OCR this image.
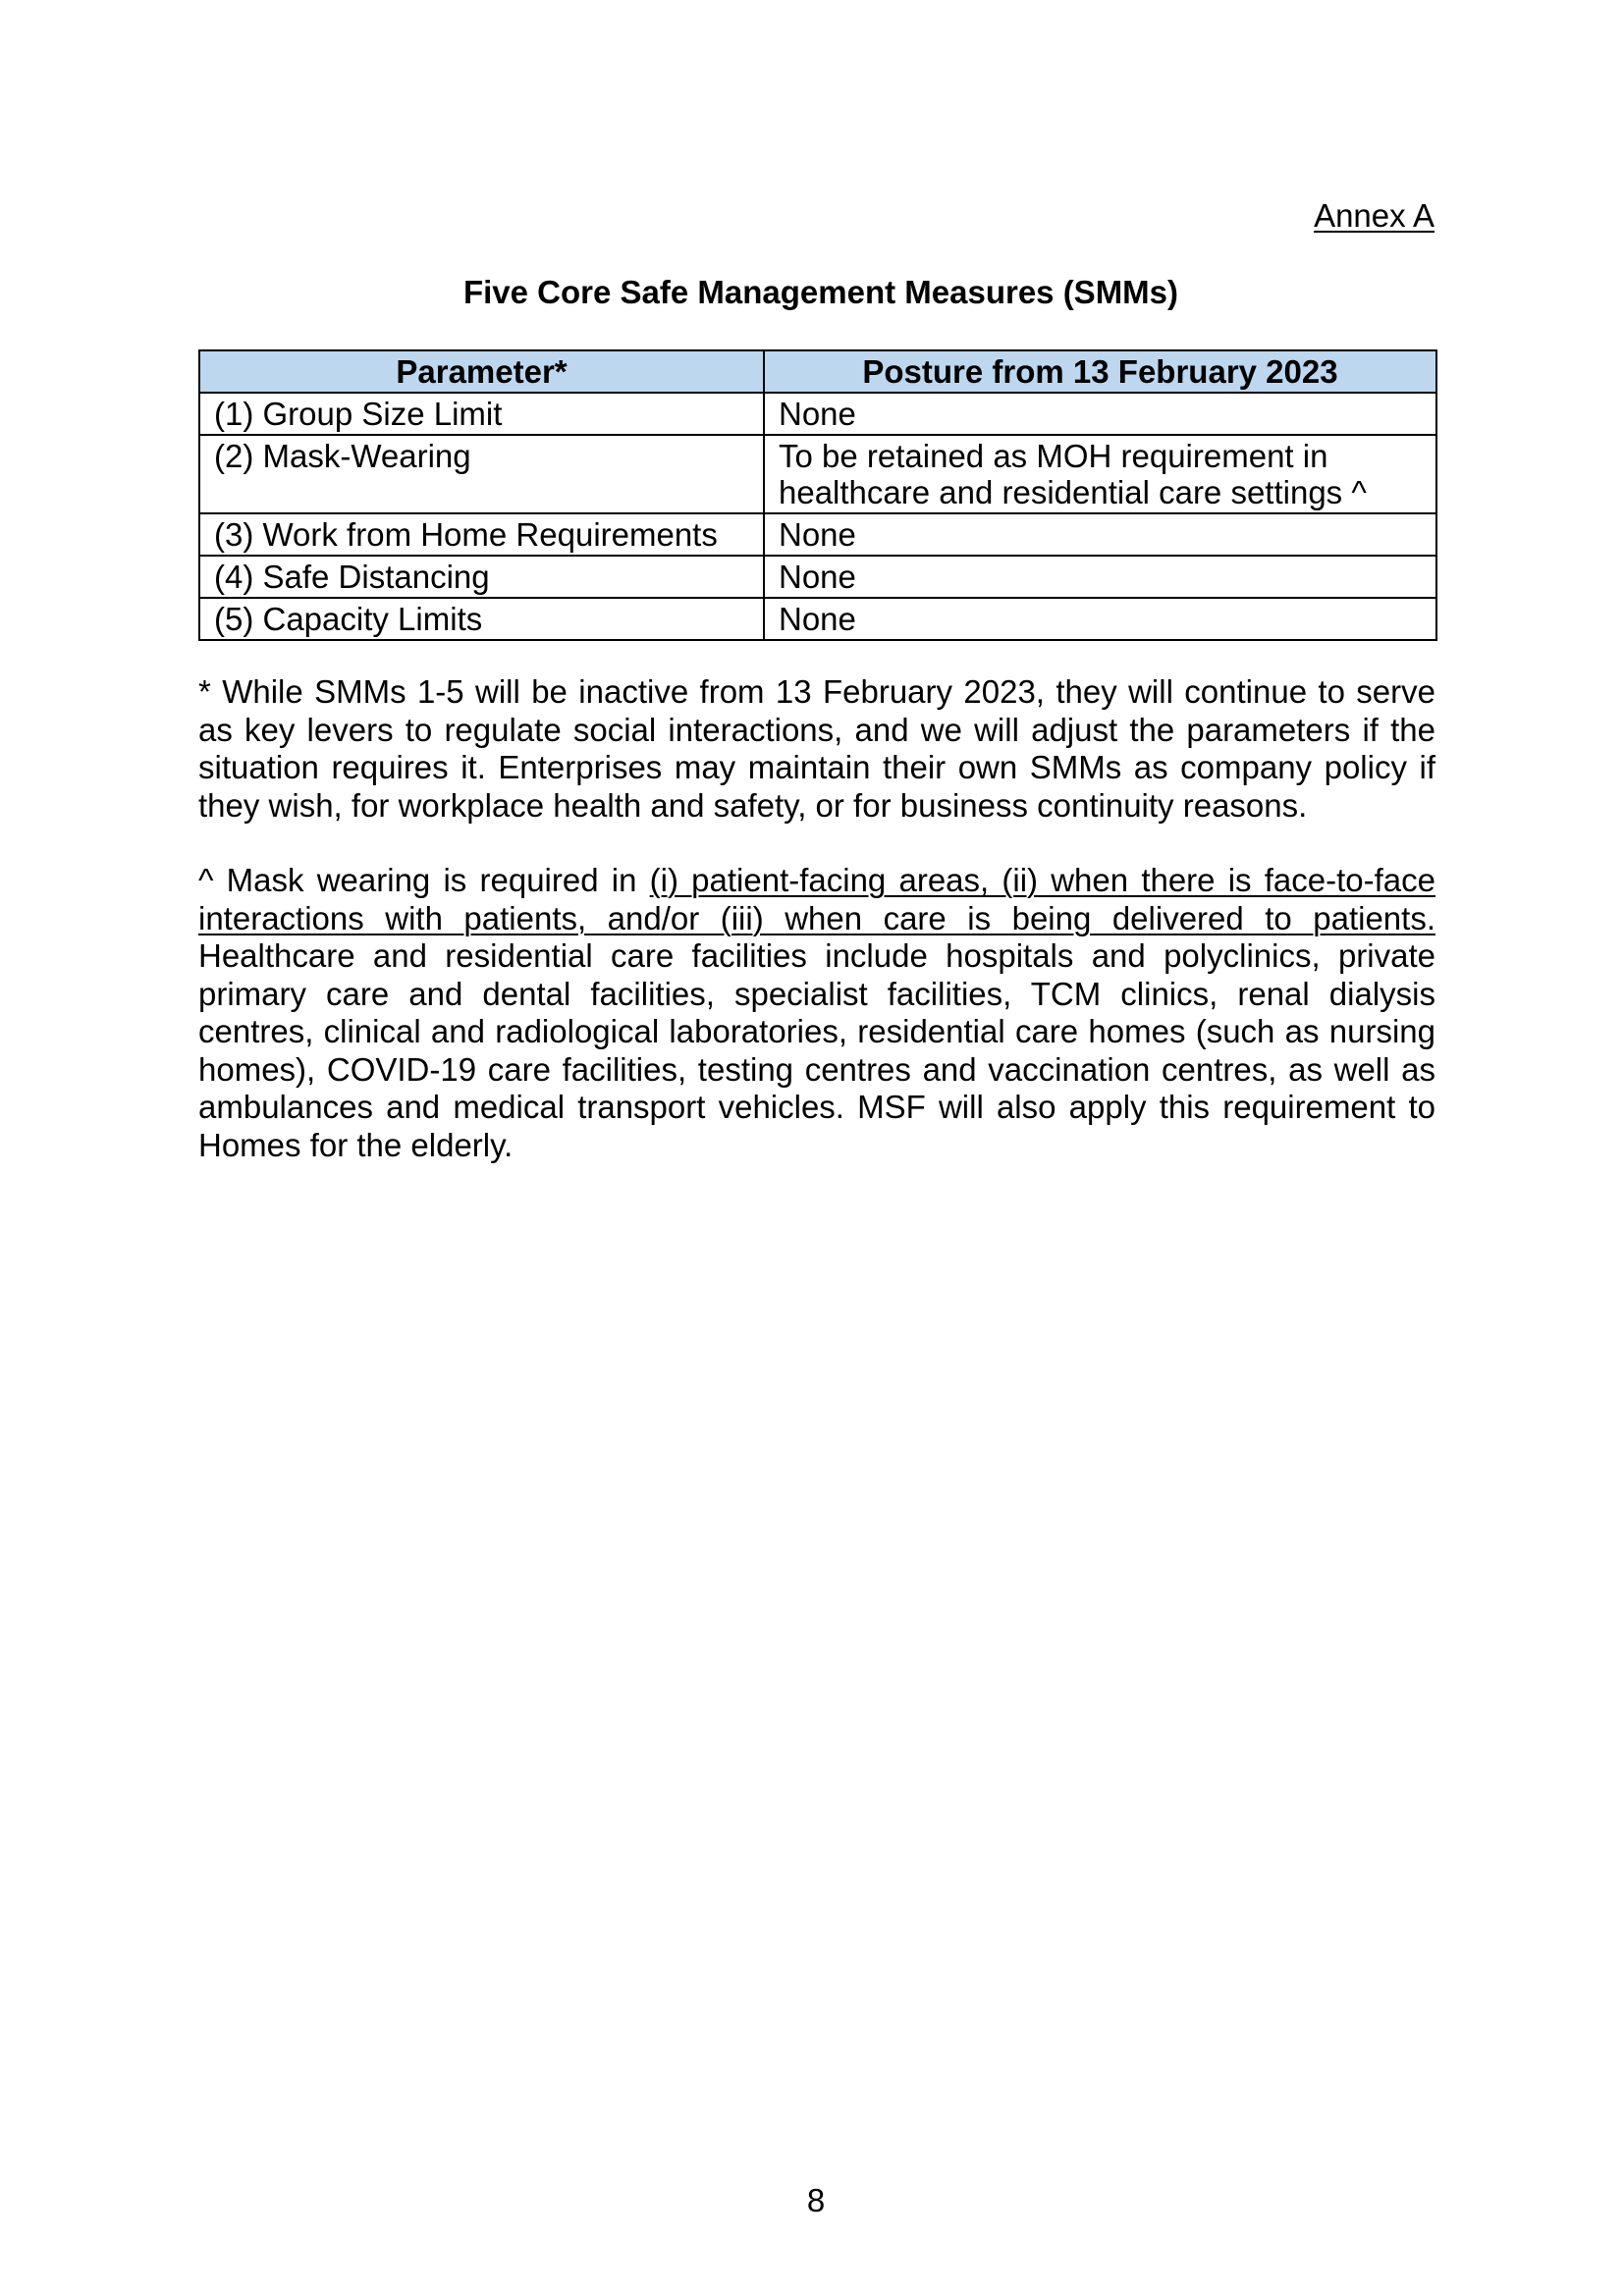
Annex A
Five Core Safe Management Measures (SMMs)
Parameter*	Posture from 13 February 2023
(1) Group Size Limit	None
(2) Mask-Wearing	To be retained as MOH requirement in healthcare and residential care settings ^
(3) Work from Home Requirements	None
(4) Safe Distancing	None
(5) Capacity Limits	None

* While SMMs 1-5 will be inactive from 13 February 2023, they will continue to serve as key levers to regulate social interactions, and we will adjust the parameters if the situation requires it. Enterprises may maintain their own SMMs as company policy if they wish, for workplace health and safety, or for business continuity reasons.

^ Mask wearing is required in (i) patient-facing areas, (ii) when there is face-to-face interactions with patients, and/or (iii) when care is being delivered to patients. Healthcare and residential care facilities include hospitals and polyclinics, private primary care and dental facilities, specialist facilities, TCM clinics, renal dialysis centres, clinical and radiological laboratories, residential care homes (such as nursing homes), COVID-19 care facilities, testing centres and vaccination centres, as well as ambulances and medical transport vehicles. MSF will also apply this requirement to Homes for the elderly.

8
